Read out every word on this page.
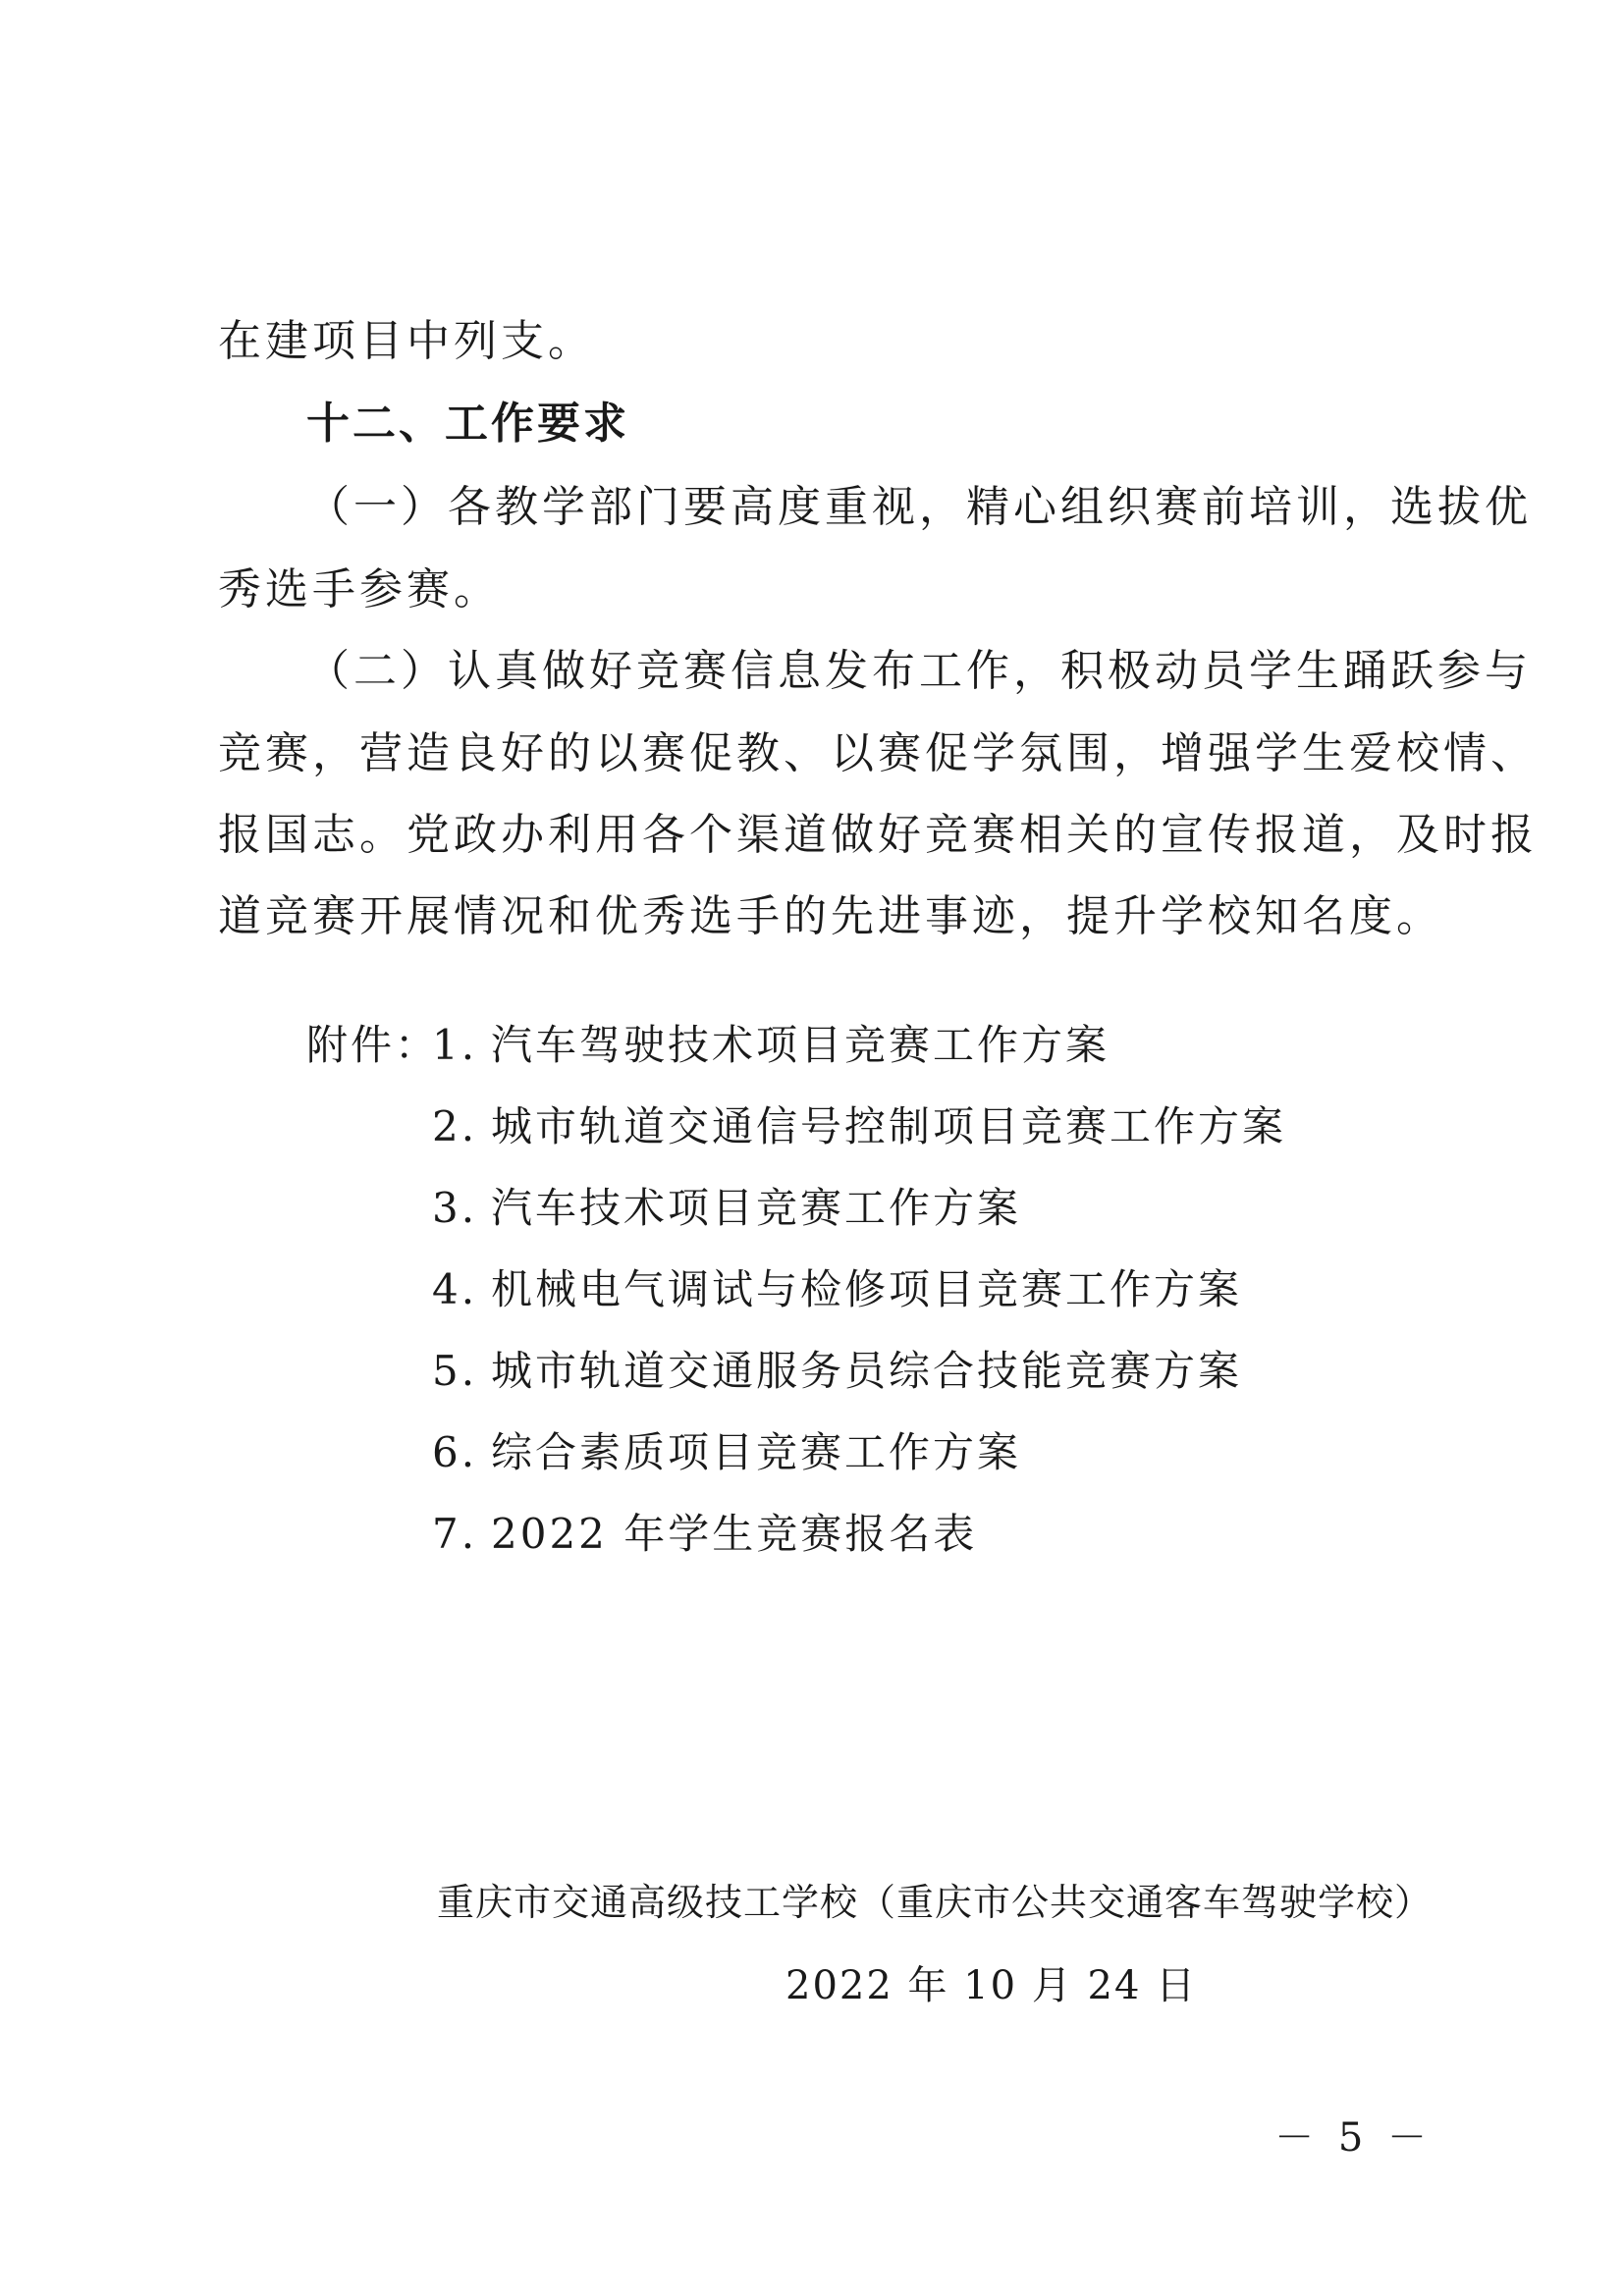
在建项目中列支。
十二、工作要求
（一）各教学部门要高度重视，精心组织赛前培训，选拔优
秀选手参赛。
（二）认真做好竞赛信息发布工作，积极动员学生踊跃参与
竞赛，营造良好的以赛促教、以赛促学氛围，增强学生爱校情、
报国志。党政办利用各个渠道做好竞赛相关的宣传报道，及时报
道竞赛开展情况和优秀选手的先进事迹，提升学校知名度。
附件：
1. 汽车驾驶技术项目竞赛工作方案
2. 城市轨道交通信号控制项目竞赛工作方案
3. 汽车技术项目竞赛工作方案
4. 机械电气调试与检修项目竞赛工作方案
5. 城市轨道交通服务员综合技能竞赛方案
6. 综合素质项目竞赛工作方案
7. 2022 年学生竞赛报名表
重庆市交通高级技工学校（重庆市公共交通客车驾驶学校）
2022 年 10 月 24 日
－ 5 －
